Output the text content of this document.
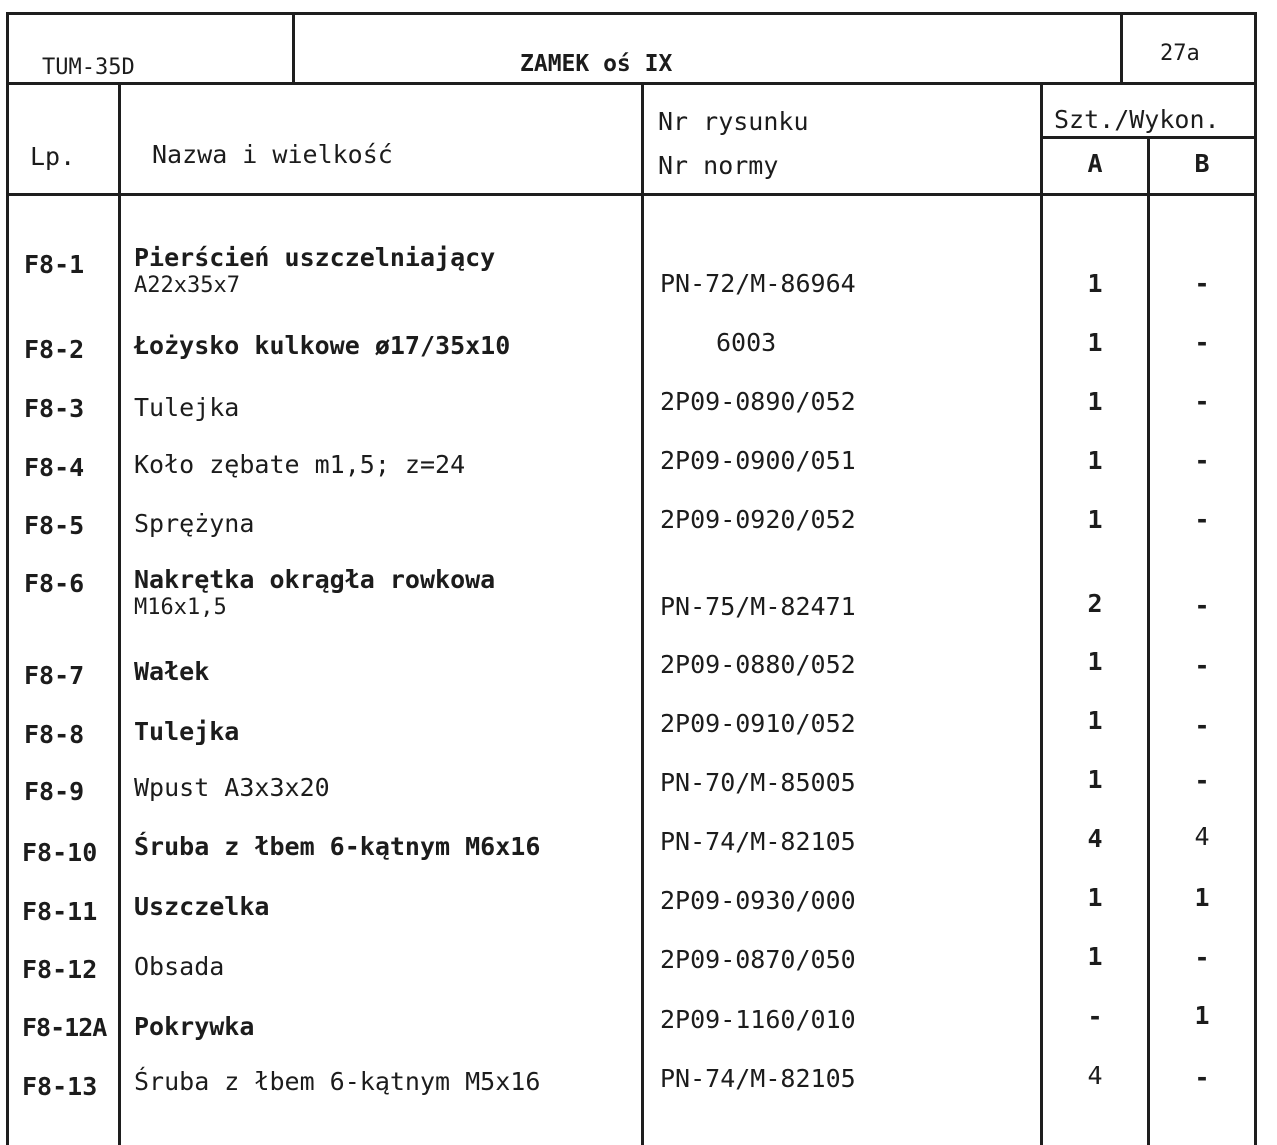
TUM-35D	ZAMEK oś IX	27a
Lp.	Nazwa i wielkość
Nr rysunku
Nr normy
Szt./Wykon.
A	B
F8-1 Pierścień uszczelniający
A22x35x7	PN-72/M-86964	1	-
F8-2 Łożysko kulkowe ø17/35x10	6003	1	-
F8-3 Tulejka	2P09-0890/052	1	-
F8-4 Koło zębate m1,5; z=24	2P09-0900/051	1	-
F8-5 Sprężyna	2P09-0920/052	1	-
F8-6 Nakrętka okrągła rowkowa
M16x1,5	PN-75/M-82471	2	-
F8-7 Wałek	2P09-0880/052	1	-
F8-8 Tulejka	2P09-0910/052	1	-
F8-9 Wpust A3x3x20	PN-70/M-85005	1	-
F8-10 Śruba z łbem 6-kątnym M6x16	PN-74/M-82105	4	4
F8-11 Uszczelka	2P09-0930/000	1	1
F8-12 Obsada	2P09-0870/050	1	-
F8-12A Pokrywka	2P09-1160/010	-	1
F8-13 Śruba z łbem 6-kątnym M5x16	PN-74/M-82105	4	-
